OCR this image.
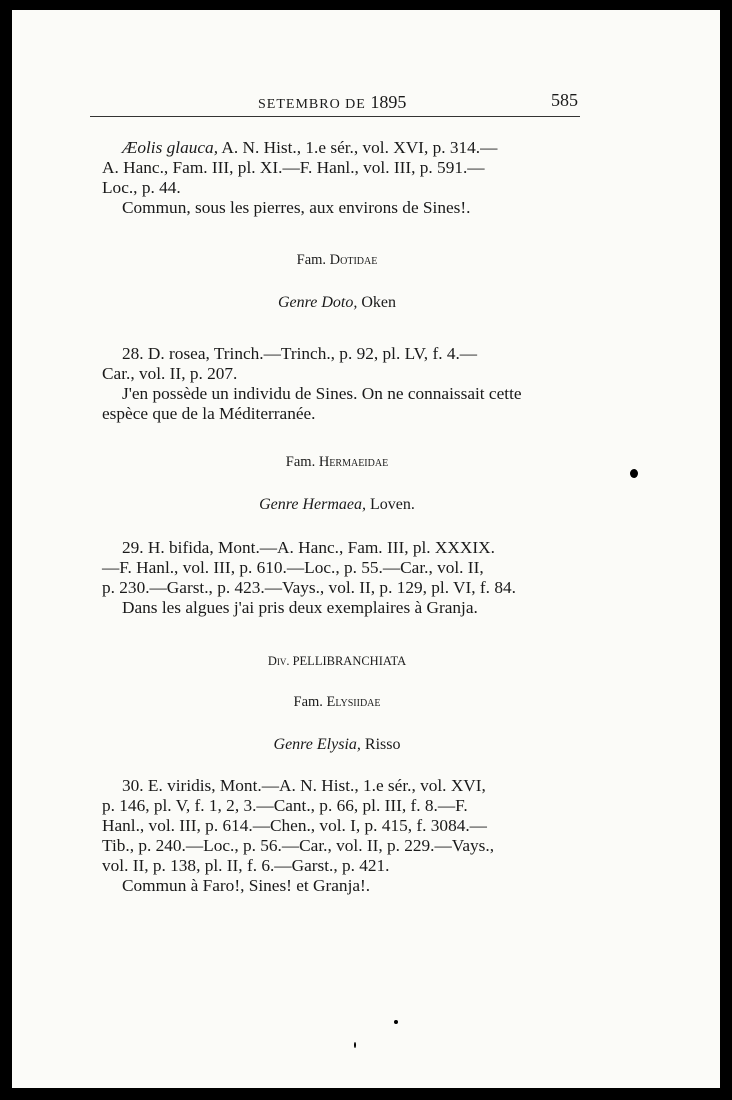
SETEMBRO DE 1895	585
Æolis glauca, A. N. Hist., 1.e sér., vol. XVI, p. 314.—
A. Hanc., Fam. III, pl. XI.—F. Hanl., vol. III, p. 591.—
Loc., p. 44.
Commun, sous les pierres, aux environs de Sines!.
Fam. Dotidae
Genre Doto, Oken
28. D. rosea, Trinch.—Trinch., p. 92, pl. LV, f. 4.—
Car., vol. II, p. 207.
J'en possède un individu de Sines. On ne connaissait cette
espèce que de la Méditerranée.
Fam. Hermaeidae
Genre Hermaea, Loven.
29. H. bifida, Mont.—A. Hanc., Fam. III, pl. XXXIX.
—F. Hanl., vol. III, p. 610.—Loc., p. 55.—Car., vol. II,
p. 230.—Garst., p. 423.—Vays., vol. II, p. 129, pl. VI, f. 84.
Dans les algues j'ai pris deux exemplaires à Granja.
Div. PELLIBRANCHIATA
Fam. Elysiidae
Genre Elysia, Risso
30. E. viridis, Mont.—A. N. Hist., 1.e sér., vol. XVI,
p. 146, pl. V, f. 1, 2, 3.—Cant., p. 66, pl. III, f. 8.—F.
Hanl., vol. III, p. 614.—Chen., vol. I, p. 415, f. 3084.—
Tib., p. 240.—Loc., p. 56.—Car., vol. II, p. 229.—Vays.,
vol. II, p. 138, pl. II, f. 6.—Garst., p. 421.
Commun à Faro!, Sines! et Granja!.
